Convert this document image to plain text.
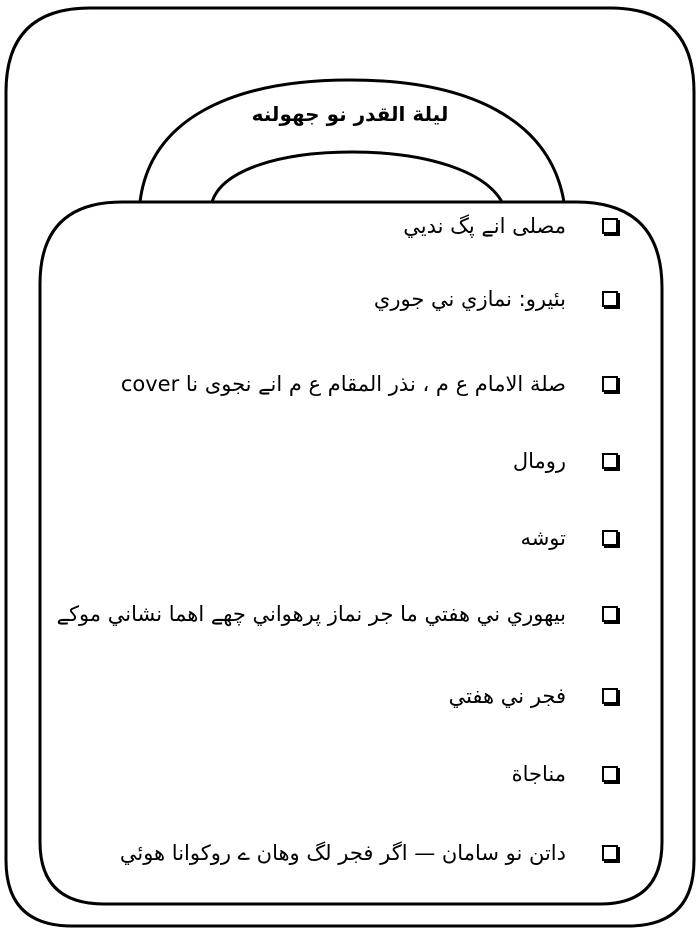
ليلة القدر نو جهولنه
مصلى انے پگ نديي
بئيرو: نمازي ني جوري
صلة الامام ع م ، نذر المقام ع م انے نجوى نا cover
رومال
توشه
بيهوري ني هفتي ما جر نماز پرهواني چهے اهما نشاني موكے
فجر ني هفتي
مناجاة
داتن نو سامان — اگر فجر لگ وهان ے روكوانا هوئي
